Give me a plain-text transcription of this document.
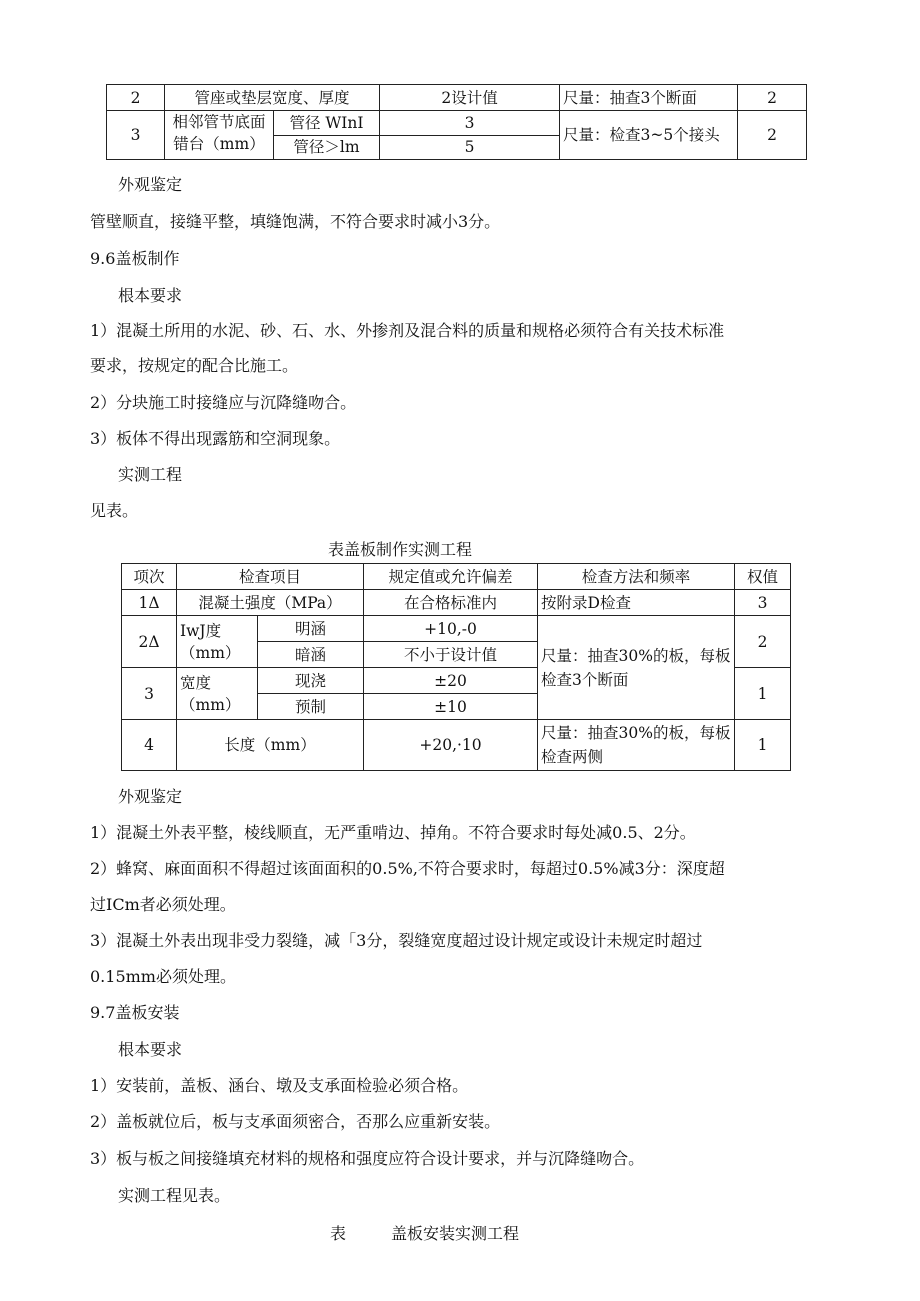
2	管座或垫层宽度、厚度		2设计值	尺量：抽查3个断面	2
3	相邻管节底面错台（mm）	管径 WInI	3	尺量：检查3~5个接头	2
		管径＞lm	5		
外观鉴定
管壁顺直，接缝平整，填缝饱满，不符合要求时减小3分。
9.6盖板制作
根本要求
1）混凝土所用的水泥、砂、石、水、外掺剂及混合料的质量和规格必须符合有关技术标准
要求，按规定的配合比施工。
2）分块施工时接缝应与沉降缝吻合。
3）板体不得出现露筋和空洞现象。
实测工程
见表。
表盖板制作实测工程
项次	检查项目		规定值或允许偏差	检查方法和频率	权值
1Δ	混凝土强度（MPa）		在合格标准内	按附录D检查	3
2Δ	IwJ度（mm）	明涵	+10,-0	尺量：抽查30%的板，每板检查3个断面	2
		暗涵	不小于设计值		
3	宽度（mm）	现浇	±20		1
		预制	±10		
4	长度（mm）		+20,·10	尺量：抽查30%的板，每板检查两侧	1
外观鉴定
1）混凝土外表平整，棱线顺直，无严重啃边、掉角。不符合要求时每处减0.5、2分。
2）蜂窝、麻面面积不得超过该面面积的0.5%,不符合要求时，每超过0.5%减3分：深度超
过ICm者必须处理。
3）混凝土外表出现非受力裂缝，减「3分，裂缝宽度超过设计规定或设计未规定时超过
0.15mm必须处理。
9.7盖板安装
根本要求
1）安装前，盖板、涵台、墩及支承面检验必须合格。
2）盖板就位后，板与支承面须密合，否那么应重新安装。
3）板与板之间接缝填充材料的规格和强度应符合设计要求，并与沉降缝吻合。
实测工程见表。
表	盖板安装实测工程
